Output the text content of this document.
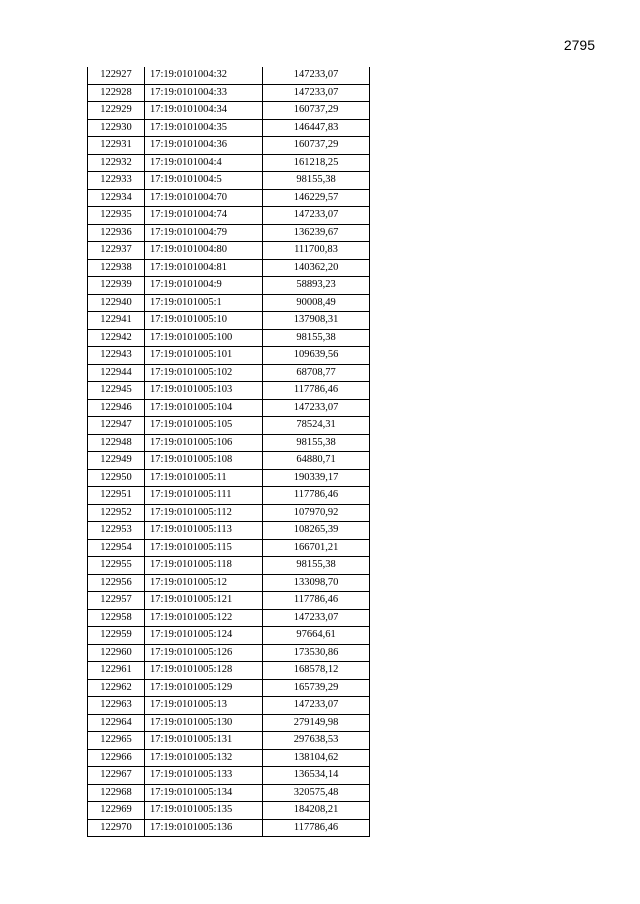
2795
122927	17:19:0101004:32	147233,07
122928	17:19:0101004:33	147233,07
122929	17:19:0101004:34	160737,29
122930	17:19:0101004:35	146447,83
122931	17:19:0101004:36	160737,29
122932	17:19:0101004:4	161218,25
122933	17:19:0101004:5	98155,38
122934	17:19:0101004:70	146229,57
122935	17:19:0101004:74	147233,07
122936	17:19:0101004:79	136239,67
122937	17:19:0101004:80	111700,83
122938	17:19:0101004:81	140362,20
122939	17:19:0101004:9	58893,23
122940	17:19:0101005:1	90008,49
122941	17:19:0101005:10	137908,31
122942	17:19:0101005:100	98155,38
122943	17:19:0101005:101	109639,56
122944	17:19:0101005:102	68708,77
122945	17:19:0101005:103	117786,46
122946	17:19:0101005:104	147233,07
122947	17:19:0101005:105	78524,31
122948	17:19:0101005:106	98155,38
122949	17:19:0101005:108	64880,71
122950	17:19:0101005:11	190339,17
122951	17:19:0101005:111	117786,46
122952	17:19:0101005:112	107970,92
122953	17:19:0101005:113	108265,39
122954	17:19:0101005:115	166701,21
122955	17:19:0101005:118	98155,38
122956	17:19:0101005:12	133098,70
122957	17:19:0101005:121	117786,46
122958	17:19:0101005:122	147233,07
122959	17:19:0101005:124	97664,61
122960	17:19:0101005:126	173530,86
122961	17:19:0101005:128	168578,12
122962	17:19:0101005:129	165739,29
122963	17:19:0101005:13	147233,07
122964	17:19:0101005:130	279149,98
122965	17:19:0101005:131	297638,53
122966	17:19:0101005:132	138104,62
122967	17:19:0101005:133	136534,14
122968	17:19:0101005:134	320575,48
122969	17:19:0101005:135	184208,21
122970	17:19:0101005:136	117786,46
